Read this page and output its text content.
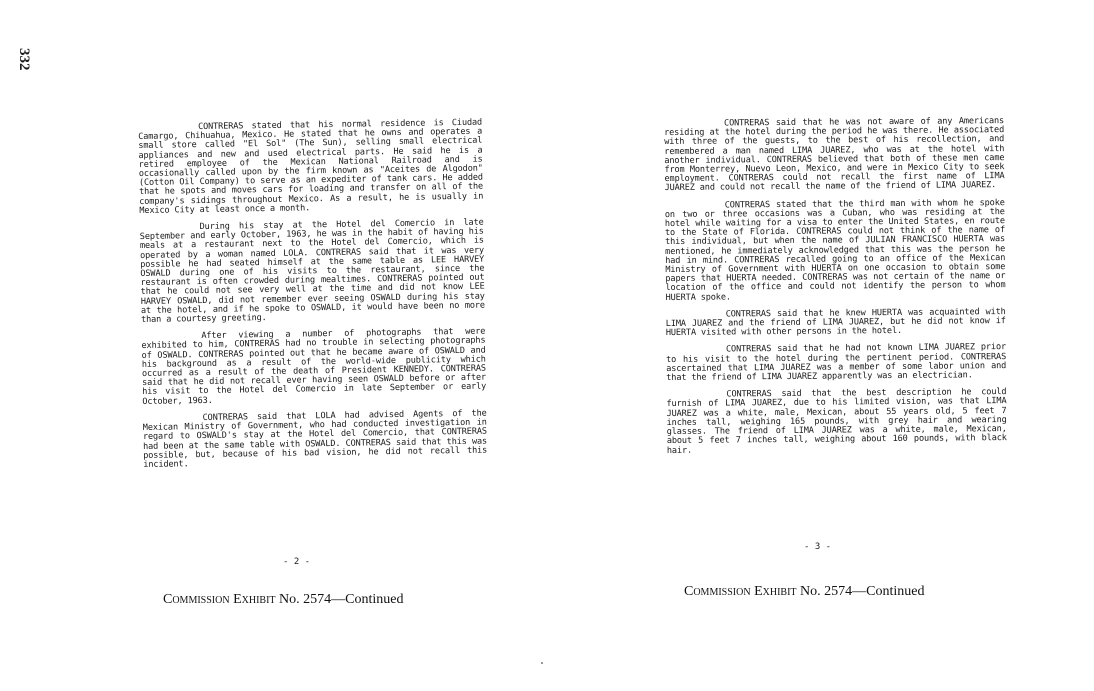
332

CONTRERAS stated that his normal residence is Ciudad Camargo, Chihuahua, Mexico. He stated that he owns and operates a small store called "El Sol" (The Sun), selling small electrical appliances and new and used electrical parts. He said he is a retired employee of the Mexican National Railroad and is occasionally called upon by the firm known as "Aceites de Algodon" (Cotton Oil Company) to serve as an expediter of tank cars. He added that he spots and moves cars for loading and transfer on all of the company's sidings throughout Mexico. As a result, he is usually in Mexico City at least once a month.

During his stay at the Hotel del Comercio in late September and early October, 1963, he was in the habit of having his meals at a restaurant next to the Hotel del Comercio, which is operated by a woman named LOLA. CONTRERAS said that it was very possible he had seated himself at the same table as LEE HARVEY OSWALD during one of his visits to the restaurant, since the restaurant is often crowded during mealtimes. CONTRERAS pointed out that he could not see very well at the time and did not know LEE HARVEY OSWALD, did not remember ever seeing OSWALD during his stay at the hotel, and if he spoke to OSWALD, it would have been no more than a courtesy greeting.

After viewing a number of photographs that were exhibited to him, CONTRERAS had no trouble in selecting photographs of OSWALD. CONTRERAS pointed out that he became aware of OSWALD and his background as a result of the world-wide publicity which occurred as a result of the death of President KENNEDY. CONTRERAS said that he did not recall ever having seen OSWALD before or after his visit to the Hotel del Comercio in late September or early October, 1963.

CONTRERAS said that LOLA had advised Agents of the Mexican Ministry of Government, who had conducted investigation in regard to OSWALD's stay at the Hotel del Comercio, that CONTRERAS had been at the same table with OSWALD. CONTRERAS said that this was possible, but, because of his bad vision, he did not recall this incident.

- 2 -
Commission Exhibit No. 2574—Continued

CONTRERAS said that he was not aware of any Americans residing at the hotel during the period he was there. He associated with three of the guests, to the best of his recollection, and remembered a man named LIMA JUAREZ, who was at the hotel with another individual. CONTRERAS believed that both of these men came from Monterrey, Nuevo Leon, Mexico, and were in Mexico City to seek employment. CONTRERAS could not recall the first name of LIMA JUAREZ and could not recall the name of the friend of LIMA JUAREZ.

CONTRERAS stated that the third man with whom he spoke on two or three occasions was a Cuban, who was residing at the hotel while waiting for a visa to enter the United States, en route to the State of Florida. CONTRERAS could not think of the name of this individual, but when the name of JULIAN FRANCISCO HUERTA was mentioned, he immediately acknowledged that this was the person he had in mind. CONTRERAS recalled going to an office of the Mexican Ministry of Government with HUERTA on one occasion to obtain some papers that HUERTA needed. CONTRERAS was not certain of the name or location of the office and could not identify the person to whom HUERTA spoke.

CONTRERAS said that he knew HUERTA was acquainted with LIMA JUAREZ and the friend of LIMA JUAREZ, but he did not know if HUERTA visited with other persons in the hotel.

CONTRERAS said that he had not known LIMA JUAREZ prior to his visit to the hotel during the pertinent period. CONTRERAS ascertained that LIMA JUAREZ was a member of some labor union and that the friend of LIMA JUAREZ apparently was an electrician.

CONTRERAS said that the best description he could furnish of LIMA JUAREZ, due to his limited vision, was that LIMA JUAREZ was a white, male, Mexican, about 55 years old, 5 feet 7 inches tall, weighing 165 pounds, with grey hair and wearing glasses. The friend of LIMA JUAREZ was a white, male, Mexican, about 5 feet 7 inches tall, weighing about 160 pounds, with black hair.

- 3 -
Commission Exhibit No. 2574—Continued
